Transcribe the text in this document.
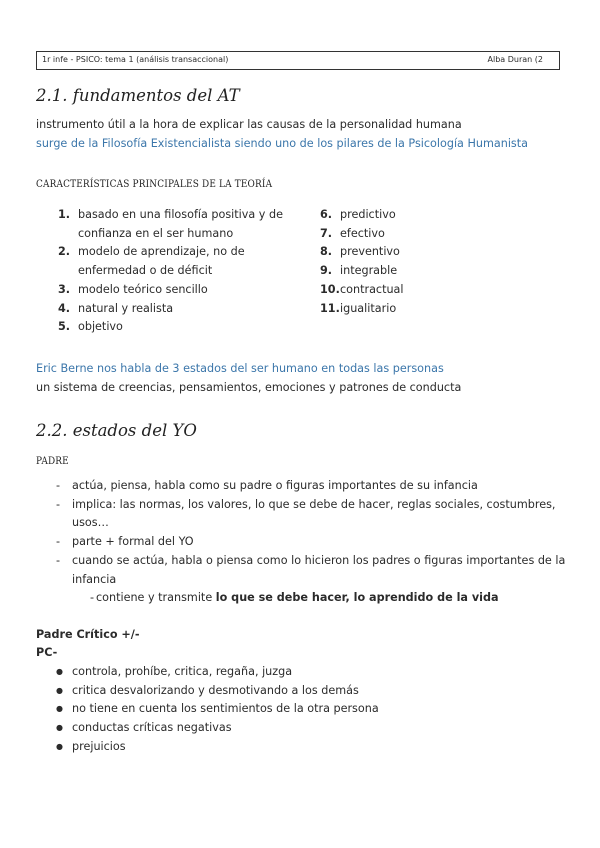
1r infe - PSICO: tema 1 (análisis transaccional)	Alba Duran (2
2.1. fundamentos del AT
instrumento útil a la hora de explicar las causas de la personalidad humana
surge de la Filosofía Existencialista siendo uno de los pilares de la Psicología Humanista
CARACTERÍSTICAS PRINCIPALES DE LA TEORÍA
1. basado en una filosofía positiva y de confianza en el ser humano
2. modelo de aprendizaje, no de enfermedad o de déficit
3. modelo teórico sencillo
4. natural y realista
5. objetivo
6. predictivo
7. efectivo
8. preventivo
9. integrable
10. contractual
11. igualitario
Eric Berne nos habla de 3 estados del ser humano en todas las personas
un sistema de creencias, pensamientos, emociones y patrones de conducta
2.2. estados del YO
PADRE
- actúa, piensa, habla como su padre o figuras importantes de su infancia
- implica: las normas, los valores, lo que se debe de hacer, reglas sociales, costumbres, usos…
- parte + formal del YO
- cuando se actúa, habla o piensa como lo hicieron los padres o figuras importantes de la infancia
- contiene y transmite lo que se debe hacer, lo aprendido de la vida
Padre Crítico +/-
PC-
● controla, prohíbe, critica, regaña, juzga
● critica desvalorizando y desmotivando a los demás
● no tiene en cuenta los sentimientos de la otra persona
● conductas críticas negativas
● prejuicios
